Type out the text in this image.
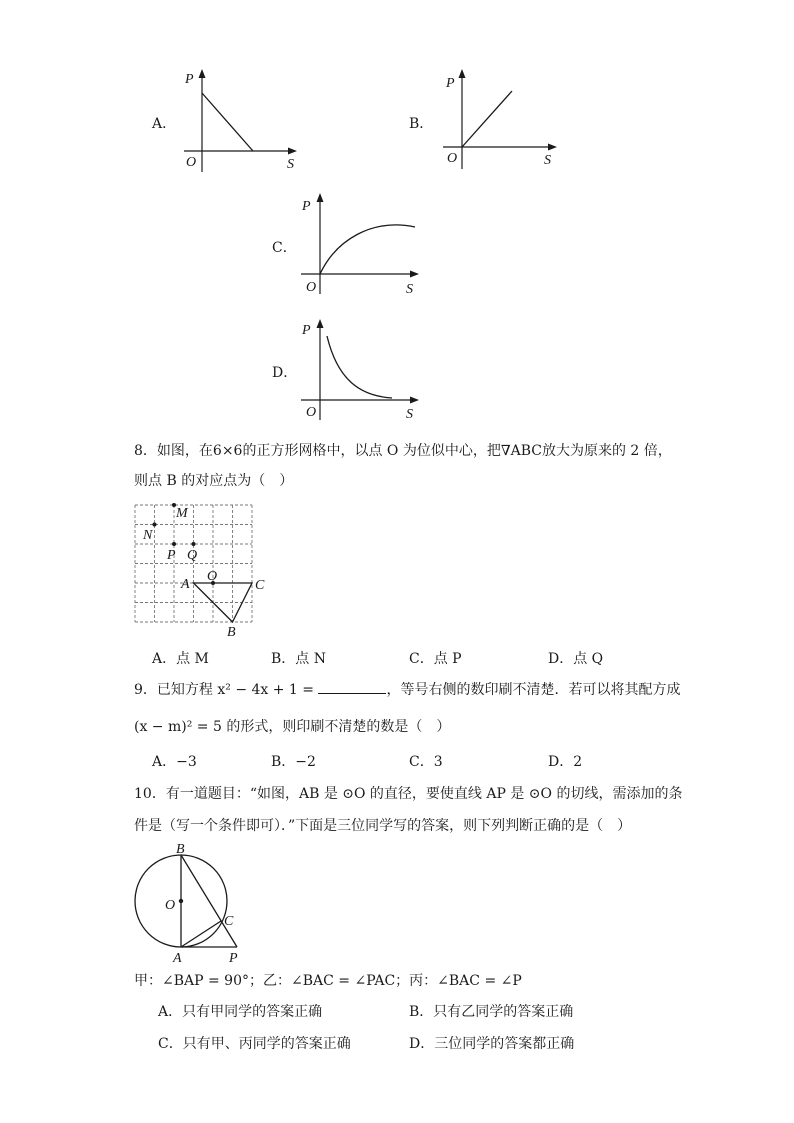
A．
P
O	S
B．
P
O	S
C．
P
O	S
D．
P
O	S
8．如图，在6×6的正方形网格中，以点 O 为位似中心，把∇ABC放大为原来的 2 倍，
则点 B 的对应点为（　）
M
N
P Q
O
A	C
B
A．点 M	B．点 N	C．点 P	D．点 Q
9．已知方程 x² − 4x + 1 =	，等号右侧的数印刷不清楚．若可以将其配方成
(x − m)² = 5 的形式，则印刷不清楚的数是（　）
A．−3	B．−2	C．3	D．2
10．有一道题目：“如图，AB 是 ⊙O 的直径，要使直线 AP 是 ⊙O 的切线，需添加的条
件是（写一个条件即可）．”下面是三位同学写的答案，则下列判断正确的是（　）
B
O
C
A	P
甲：∠BAP = 90°；乙：∠BAC = ∠PAC；丙：∠BAC = ∠P
A．只有甲同学的答案正确	B．只有乙同学的答案正确
C．只有甲、丙同学的答案正确	D．三位同学的答案都正确
